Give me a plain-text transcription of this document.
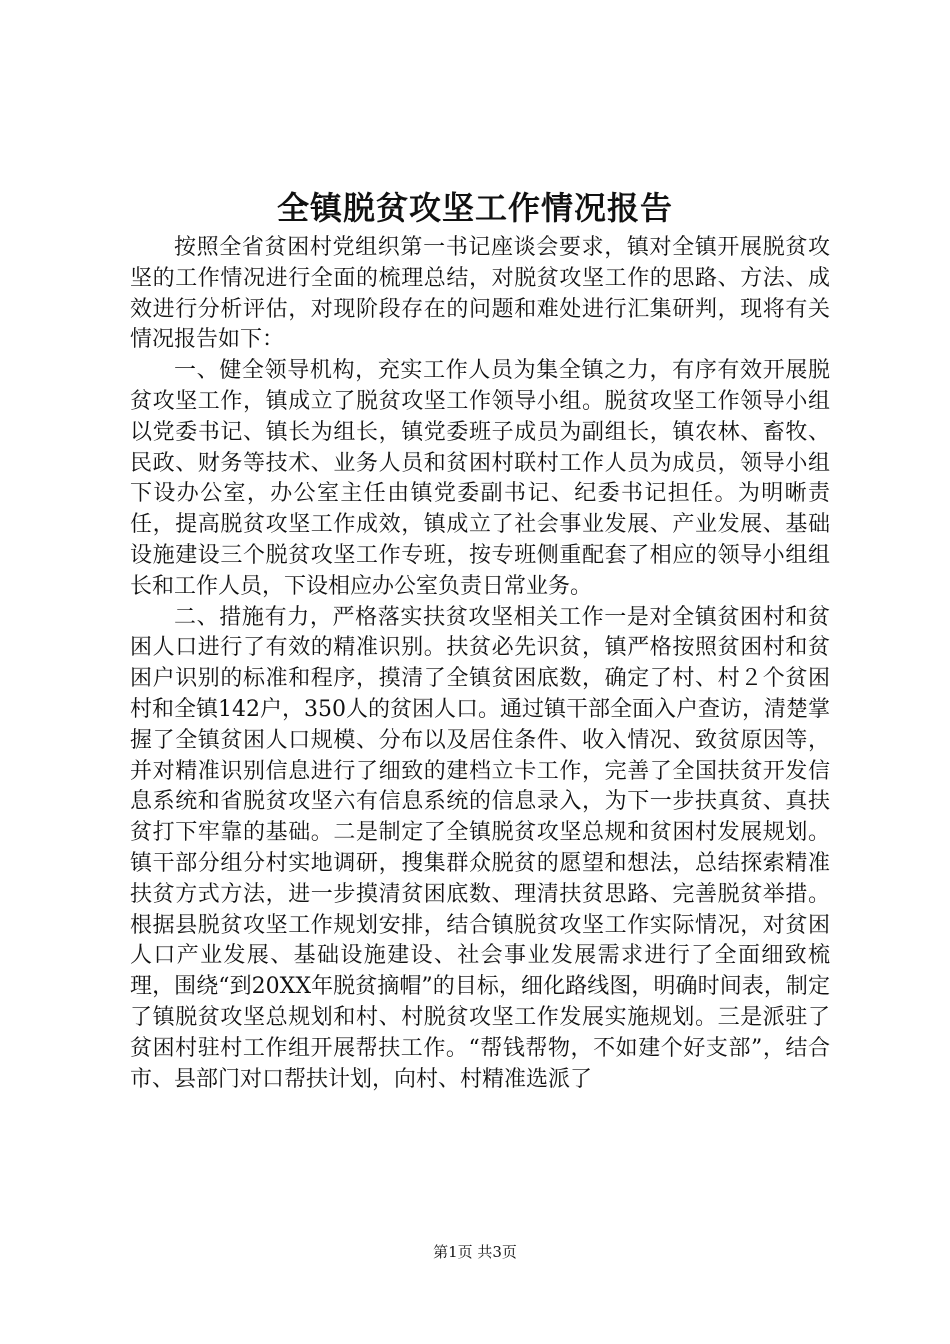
全镇脱贫攻坚工作情况报告

按照全省贫困村党组织第一书记座谈会要求，镇对全镇开展脱贫攻坚的工作情况进行全面的梳理总结，对脱贫攻坚工作的思路、方法、成效进行分析评估，对现阶段存在的问题和难处进行汇集研判，现将有关情况报告如下：

一、健全领导机构，充实工作人员为集全镇之力，有序有效开展脱贫攻坚工作，镇成立了脱贫攻坚工作领导小组。脱贫攻坚工作领导小组以党委书记、镇长为组长，镇党委班子成员为副组长，镇农林、畜牧、民政、财务等技术、业务人员和贫困村联村工作人员为成员，领导小组下设办公室，办公室主任由镇党委副书记、纪委书记担任。为明晰责任，提高脱贫攻坚工作成效，镇成立了社会事业发展、产业发展、基础设施建设三个脱贫攻坚工作专班，按专班侧重配套了相应的领导小组组长和工作人员，下设相应办公室负责日常业务。

二、措施有力，严格落实扶贫攻坚相关工作一是对全镇贫困村和贫困人口进行了有效的精准识别。扶贫必先识贫，镇严格按照贫困村和贫困户识别的标准和程序，摸清了全镇贫困底数，确定了村、村２个贫困村和全镇142户，350人的贫困人口。通过镇干部全面入户查访，清楚掌握了全镇贫困人口规模、分布以及居住条件、收入情况、致贫原因等，并对精准识别信息进行了细致的建档立卡工作，完善了全国扶贫开发信息系统和省脱贫攻坚六有信息系统的信息录入，为下一步扶真贫、真扶贫打下牢靠的基础。二是制定了全镇脱贫攻坚总规和贫困村发展规划。镇干部分组分村实地调研，搜集群众脱贫的愿望和想法，总结探索精准扶贫方式方法，进一步摸清贫困底数、理清扶贫思路、完善脱贫举措。根据县脱贫攻坚工作规划安排，结合镇脱贫攻坚工作实际情况，对贫困人口产业发展、基础设施建设、社会事业发展需求进行了全面细致梳理，围绕“到20XX年脱贫摘帽”的目标，细化路线图，明确时间表，制定了镇脱贫攻坚总规划和村、村脱贫攻坚工作发展实施规划。三是派驻了贫困村驻村工作组开展帮扶工作。“帮钱帮物，不如建个好支部”，结合市、县部门对口帮扶计划，向村、村精准选派了

第1页 共3页
